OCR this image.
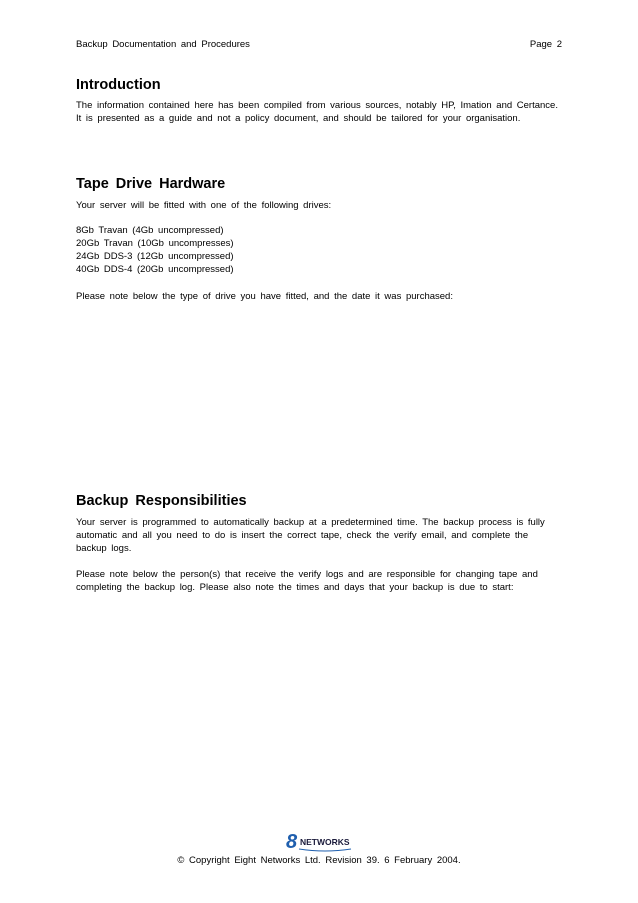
Backup Documentation and Procedures	Page 2
Introduction

The information contained here has been compiled from various sources, notably HP, Imation and Certance. It is presented as a guide and not a policy document, and should be tailored for your organisation.

Tape Drive Hardware

Your server will be fitted with one of the following drives:

8Gb Travan (4Gb uncompressed)
20Gb Travan (10Gb uncompresses)
24Gb DDS-3 (12Gb uncompressed)
40Gb DDS-4 (20Gb uncompressed)

Please note below the type of drive you have fitted, and the date it was purchased:

Backup Responsibilities

Your server is programmed to automatically backup at a predetermined time. The backup process is fully automatic and all you need to do is insert the correct tape, check the verify email, and complete the backup logs.

Please note below the person(s) that receive the verify logs and are responsible for changing tape and completing the backup log. Please also note the times and days that your backup is due to start:

8 NETWORKS
© Copyright Eight Networks Ltd. Revision 39. 6 February 2004.
